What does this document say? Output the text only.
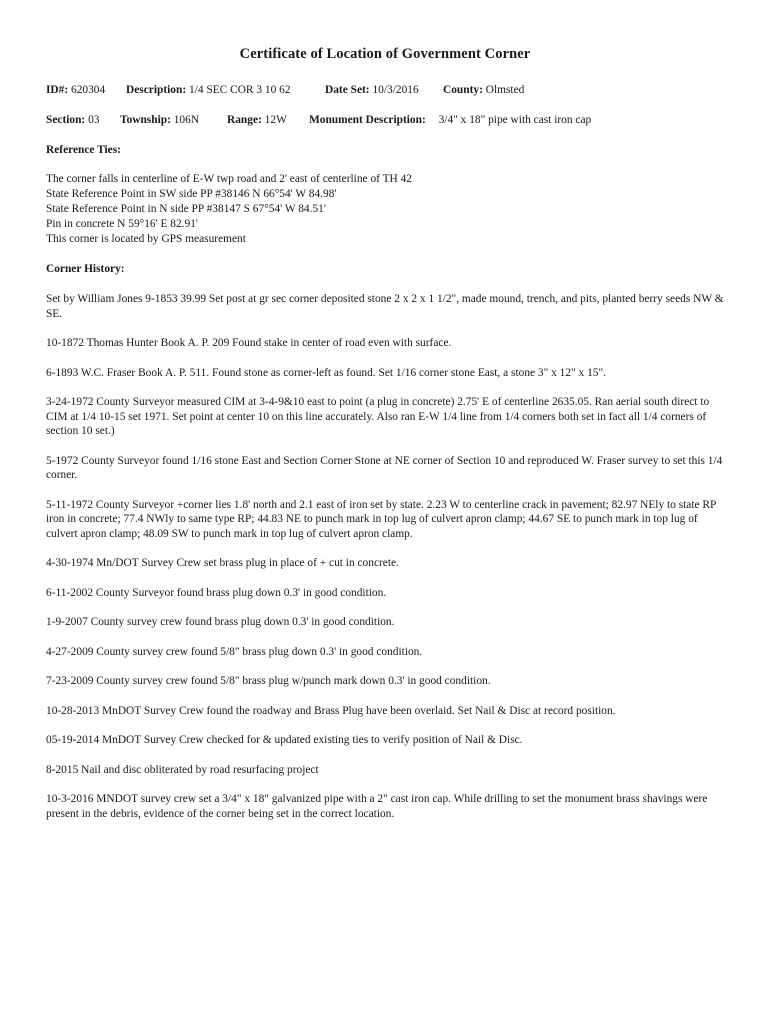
Certificate of Location of Government Corner
ID#: 620304 Description: 1/4 SEC COR 3 10 62	Date Set: 10/3/2016 County: Olmsted
Section: 03 Township: 106N Range: 12W Monument Description: 3/4" x 18" pipe with cast iron cap
Reference Ties:
The corner falls in centerline of E-W twp road and 2' east of centerline of TH 42
State Reference Point in SW side PP #38146 N 66°54' W 84.98'
State Reference Point in N side PP #38147 S 67°54' W 84.51'
Pin in concrete N 59°16' E 82.91'
This corner is located by GPS measurement
Corner History:

Set by William Jones 9-1853 39.99 Set post at gr sec corner deposited stone 2 x 2 x 1 1/2", made mound, trench, and pits, planted berry seeds NW & SE.

10-1872 Thomas Hunter Book A. P. 209 Found stake in center of road even with surface.

6-1893 W.C. Fraser Book A. P. 511. Found stone as corner-left as found. Set 1/16 corner stone East, a stone 3" x 12" x 15".

3-24-1972 County Surveyor measured CIM at 3-4-9&10 east to point (a plug in concrete) 2.75' E of centerline 2635.05. Ran aerial south direct to CIM at 1/4 10-15 set 1971. Set point at center 10 on this line accurately. Also ran E-W 1/4 line from 1/4 corners both set in fact all 1/4 corners of section 10 set.)

5-1972 County Surveyor found 1/16 stone East and Section Corner Stone at NE corner of Section 10 and reproduced W. Fraser survey to set this 1/4 corner.

5-11-1972 County Surveyor +corner lies 1.8' north and 2.1 east of iron set by state. 2.23 W to centerline crack in pavement; 82.97 NEly to state RP iron in concrete; 77.4 NWly to same type RP; 44.83 NE to punch mark in top lug of culvert apron clamp; 44.67 SE to punch mark in top lug of culvert apron clamp; 48.09 SW to punch mark in top lug of culvert apron clamp.

4-30-1974 Mn/DOT Survey Crew set brass plug in place of + cut in concrete.

6-11-2002 County Surveyor found brass plug down 0.3' in good condition.

1-9-2007 County survey crew found brass plug down 0.3' in good condition.

4-27-2009 County survey crew found 5/8" brass plug down 0.3' in good condition.

7-23-2009 County survey crew found 5/8" brass plug w/punch mark down 0.3' in good condition.

10-28-2013 MnDOT Survey Crew found the roadway and Brass Plug have been overlaid. Set Nail & Disc at record position.

05-19-2014 MnDOT Survey Crew checked for & updated existing ties to verify position of Nail & Disc.

8-2015 Nail and disc obliterated by road resurfacing project

10-3-2016 MNDOT survey crew set a 3/4" x 18" galvanized pipe with a 2" cast iron cap. While drilling to set the monument brass shavings were present in the debris, evidence of the corner being set in the correct location.
